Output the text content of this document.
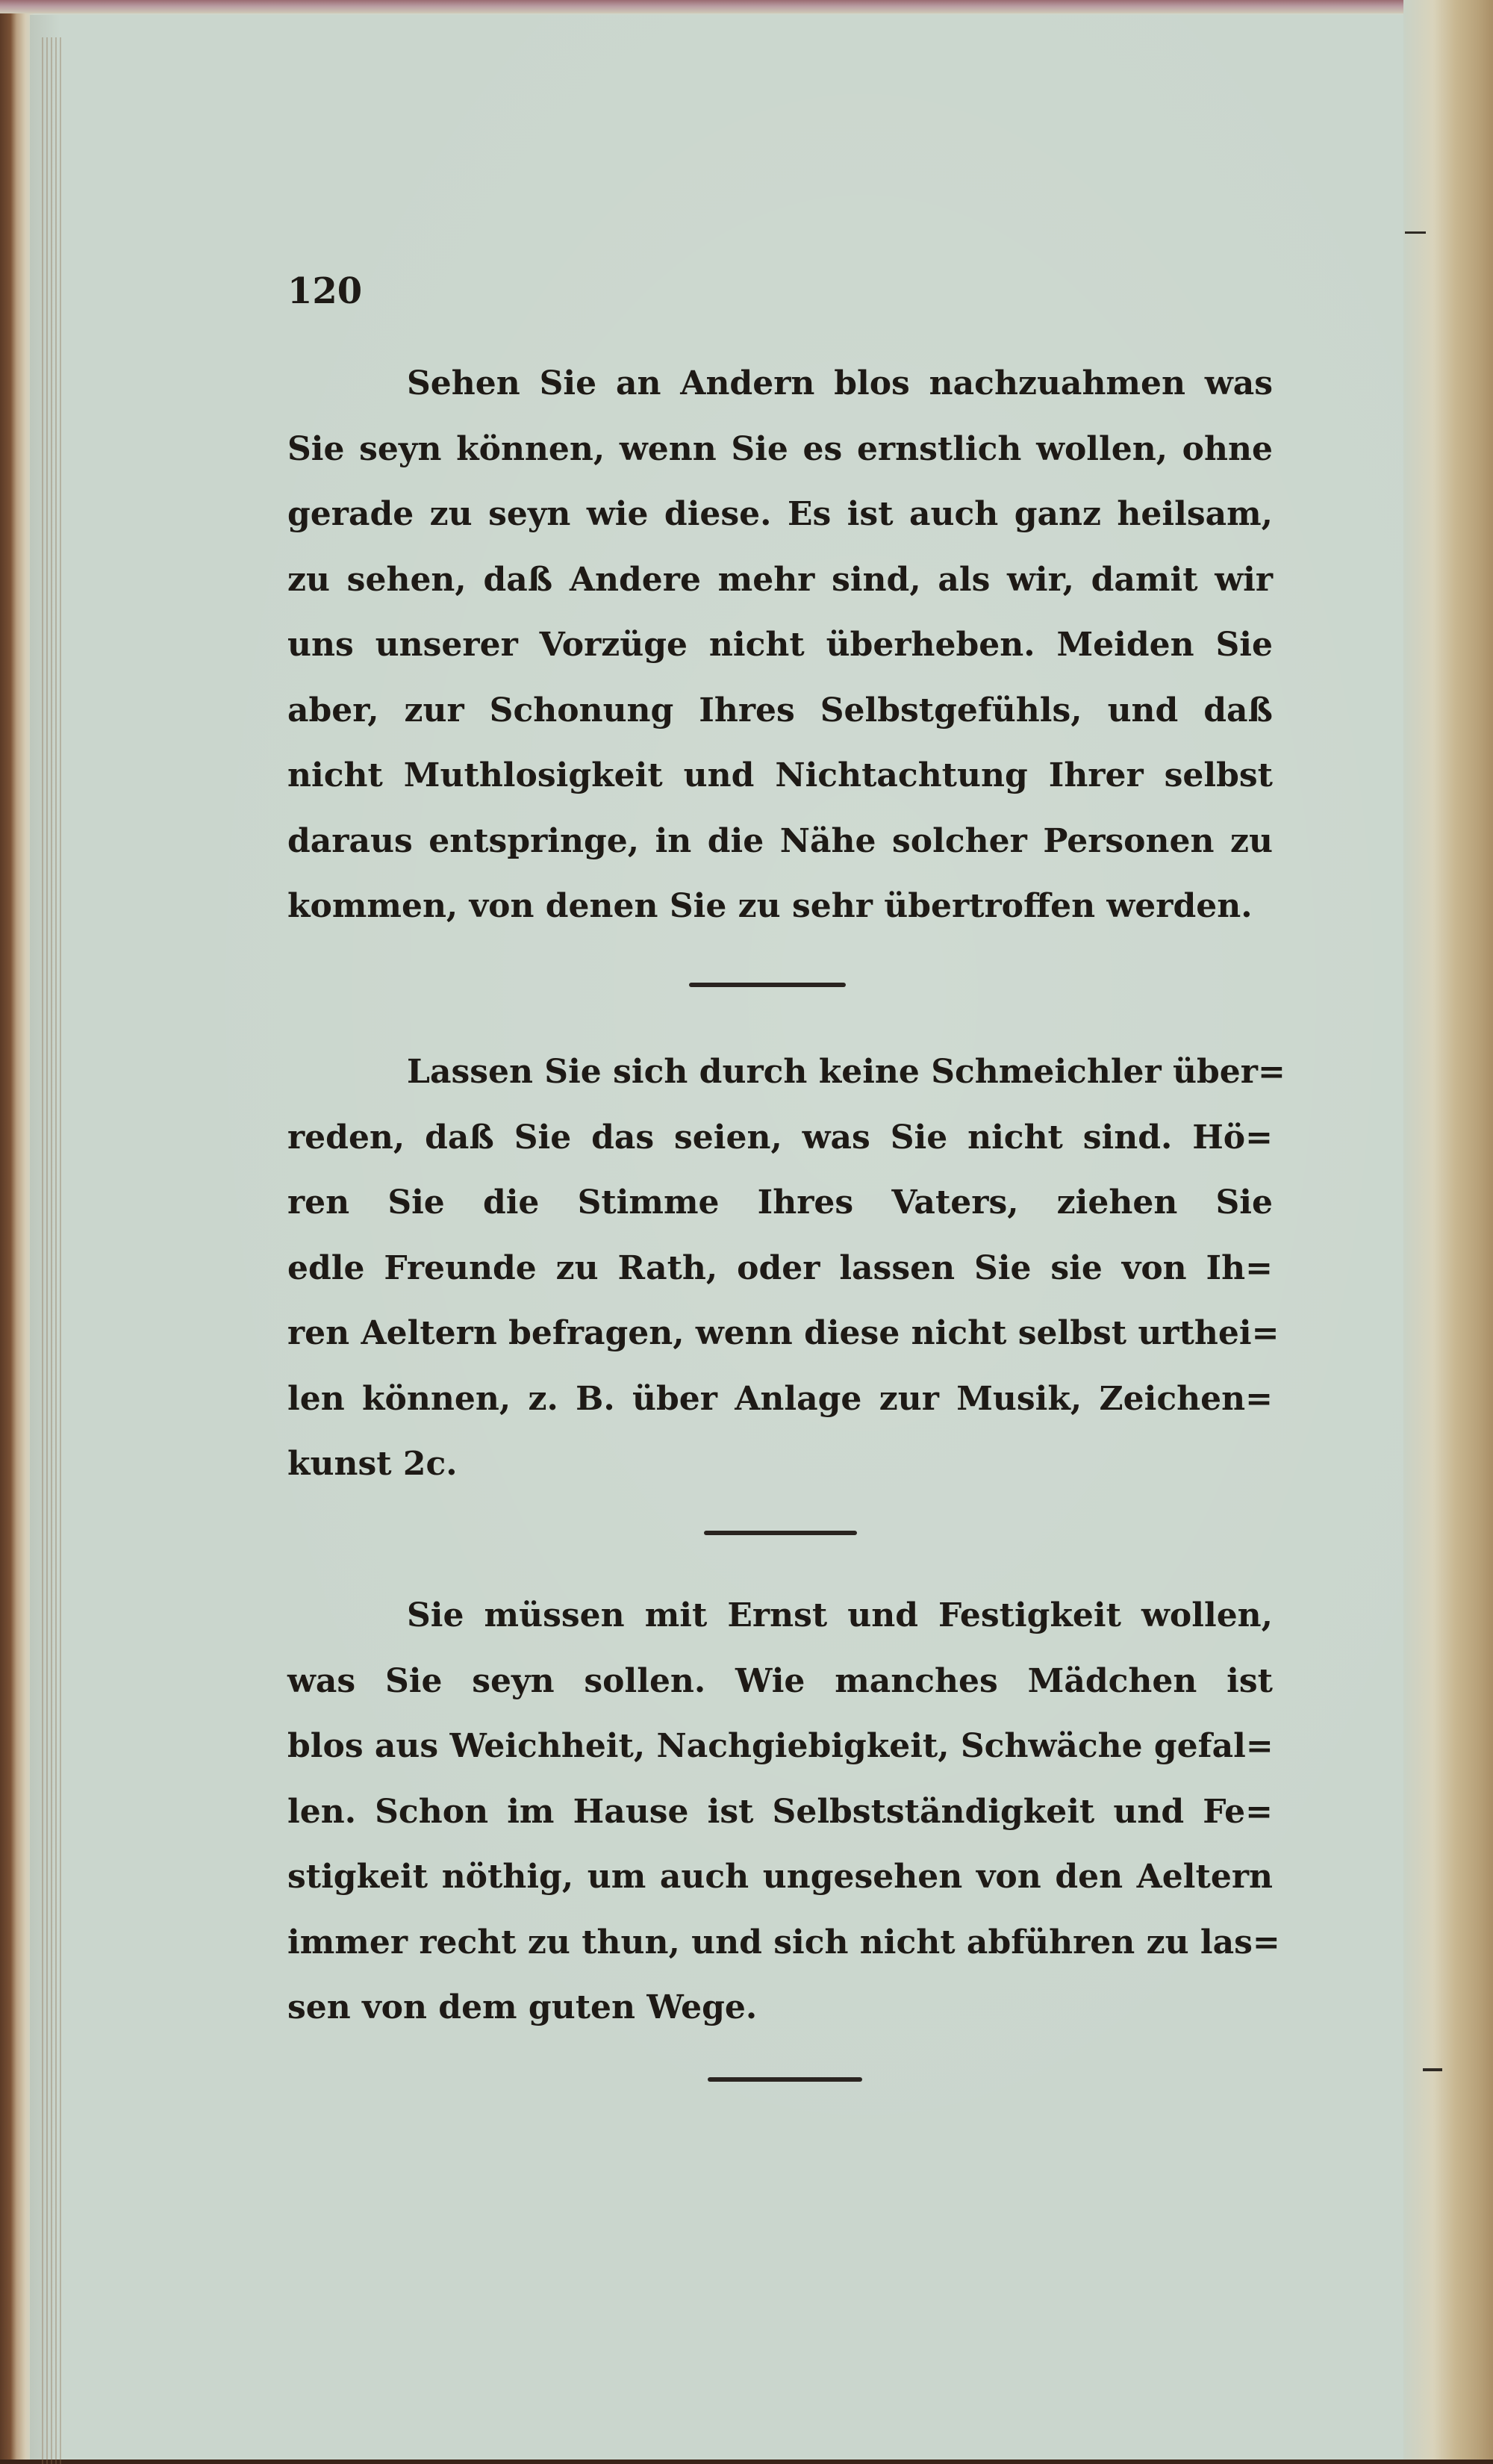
120
Sehen Sie an Andern blos nachzuahmen was
Sie seyn können, wenn Sie es ernstlich wollen, ohne
gerade zu seyn wie diese. Es ist auch ganz heilsam,
zu sehen, daß Andere mehr sind, als wir, damit wir
uns unserer Vorzüge nicht überheben. Meiden Sie
aber, zur Schonung Ihres Selbstgefühls, und daß
nicht Muthlosigkeit und Nichtachtung Ihrer selbst
daraus entspringe, in die Nähe solcher Personen zu
kommen, von denen Sie zu sehr übertroffen werden.
Lassen Sie sich durch keine Schmeichler über=
reden, daß Sie das seien, was Sie nicht sind. Hö=
ren Sie die Stimme Ihres Vaters, ziehen Sie
edle Freunde zu Rath, oder lassen Sie sie von Ih=
ren Aeltern befragen, wenn diese nicht selbst urthei=
len können, z. B. über Anlage zur Musik, Zeichen=
kunst 2c.
Sie müssen mit Ernst und Festigkeit wollen,
was Sie seyn sollen. Wie manches Mädchen ist
blos aus Weichheit, Nachgiebigkeit, Schwäche gefal=
len. Schon im Hause ist Selbstständigkeit und Fe=
stigkeit nöthig, um auch ungesehen von den Aeltern
immer recht zu thun, und sich nicht abführen zu las=
sen von dem guten Wege.
